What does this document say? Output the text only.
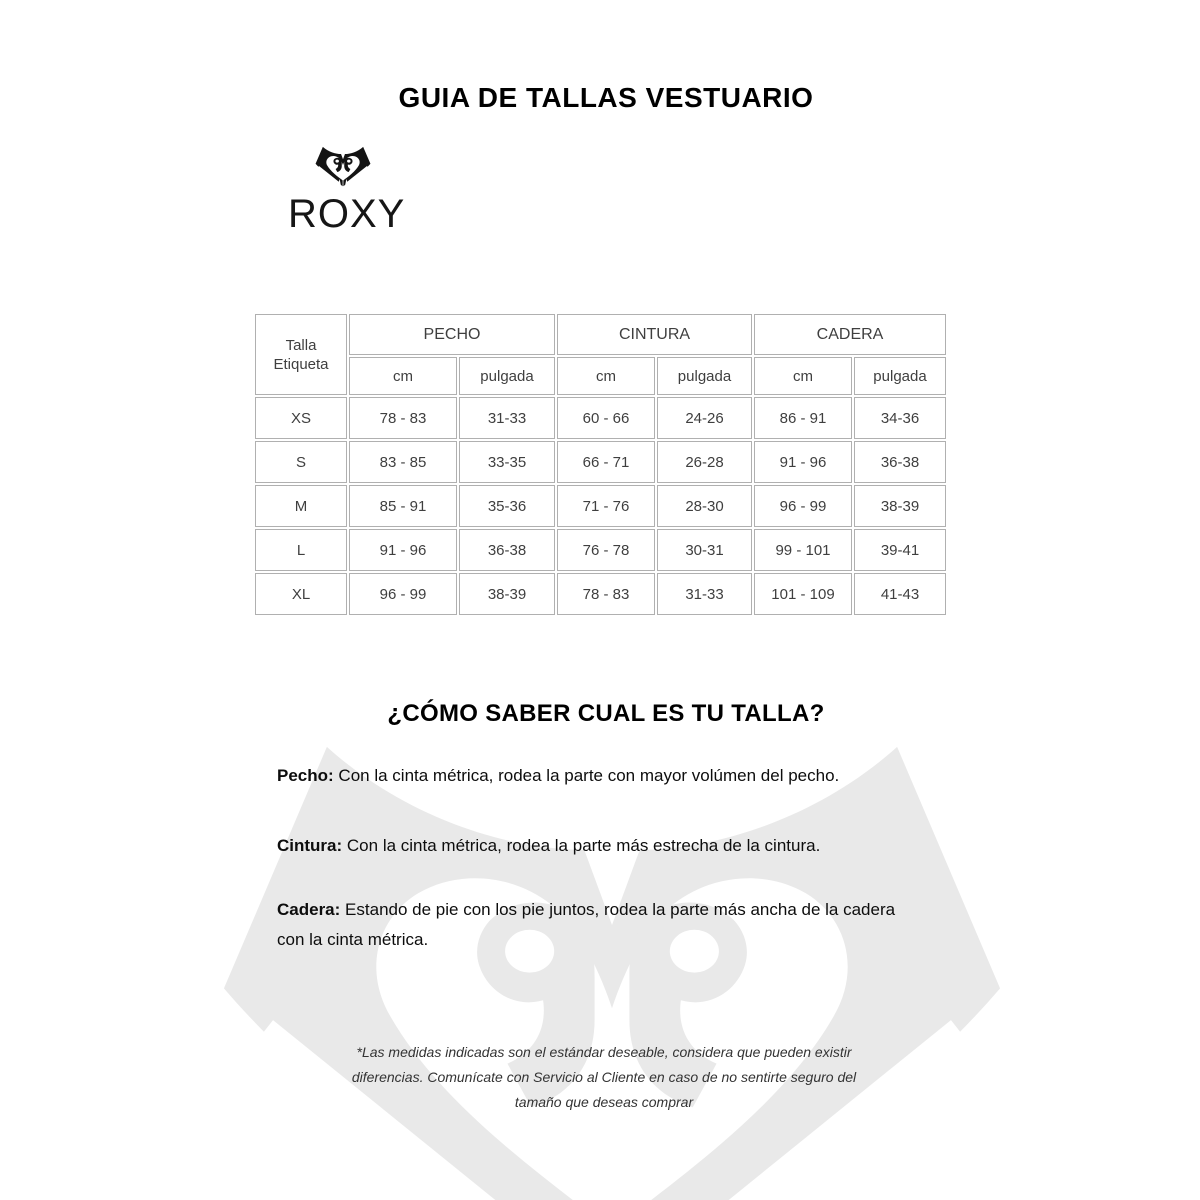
GUIA DE TALLAS VESTUARIO
ROXY
Talla Etiqueta	PECHO		CINTURA		CADERA	
	cm	pulgada	cm	pulgada	cm	pulgada
XS	78 - 83	31-33	60 - 66	24-26	86 - 91	34-36
S	83 - 85	33-35	66 - 71	26-28	91 - 96	36-38
M	85 - 91	35-36	71 - 76	28-30	96 - 99	38-39
L	91 - 96	36-38	76 - 78	30-31	99 - 101	39-41
XL	96 - 99	38-39	78 - 83	31-33	101 - 109	41-43
¿CÓMO SABER CUAL ES TU TALLA?
Pecho: Con la cinta métrica, rodea la parte con mayor volúmen del pecho.
Cintura: Con la cinta métrica, rodea la parte más estrecha de la cintura.
Cadera: Estando de pie con los pie juntos, rodea la parte más ancha de la cadera con la cinta métrica.
*Las medidas indicadas son el estándar deseable, considera que pueden existir
diferencias. Comunícate con Servicio al Cliente en caso de no sentirte seguro del
tamaño que deseas comprar
